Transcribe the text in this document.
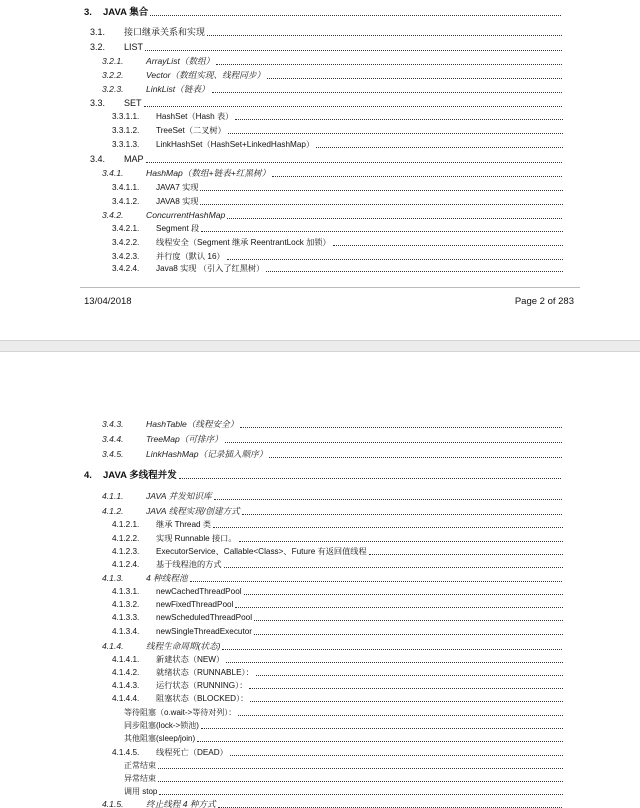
3. JAVA 集合
3.1. 接口继承关系和实现
3.2. LIST
3.2.1.	ArrayList（数组）
3.2.2.	Vector（数组实现、线程同步）
3.2.3.	LinkList（链表）
3.3. SET
3.3.1.1. HashSet（Hash 表）
3.3.1.2. TreeSet（二叉树）
3.3.1.3. LinkHashSet（HashSet+LinkedHashMap）
3.4. MAP
3.4.1.	HashMap（数组+链表+红黑树）
3.4.1.1. JAVA7 实现
3.4.1.2. JAVA8 实现
3.4.2.	ConcurrentHashMap
3.4.2.1. Segment 段
3.4.2.2. 线程安全（Segment 继承 ReentrantLock 加锁）
3.4.2.3. 并行度（默认 16）
3.4.2.4. Java8 实现 （引入了红黑树）
13/04/2018	Page 2 of 283
3.4.3.	HashTable（线程安全）
3.4.4.	TreeMap（可排序）
3.4.5.	LinkHashMap（记录插入顺序）
4. JAVA 多线程并发
4.1.1.	JAVA 并发知识库
4.1.2.	JAVA 线程实现/创建方式
4.1.2.1. 继承 Thread 类
4.1.2.2. 实现 Runnable 接口。
4.1.2.3. ExecutorService、Callable<Class>、Future 有返回值线程
4.1.2.4. 基于线程池的方式
4.1.3.	4 种线程池
4.1.3.1. newCachedThreadPool
4.1.3.2. newFixedThreadPool
4.1.3.3. newScheduledThreadPool
4.1.3.4. newSingleThreadExecutor
4.1.4.	线程生命周期(状态)
4.1.4.1. 新建状态（NEW）
4.1.4.2. 就绪状态（RUNNABLE）：
4.1.4.3. 运行状态（RUNNING）：
4.1.4.4. 阻塞状态（BLOCKED）：
等待阻塞（o.wait->等待对列）：
同步阻塞(lock->锁池)
其他阻塞(sleep/join)
4.1.4.5. 线程死亡（DEAD）
正常结束
异常结束
调用 stop
4.1.5.	终止线程 4 种方式
